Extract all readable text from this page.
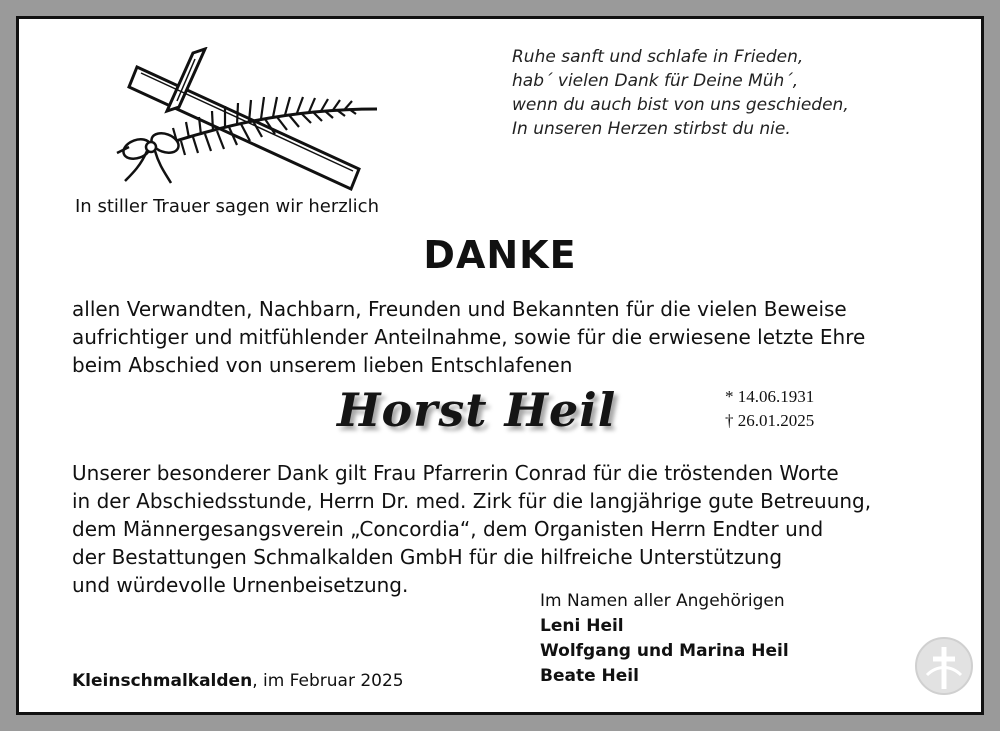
Ruhe sanft und schlafe in Frieden,
hab´ vielen Dank für Deine Müh´,
wenn du auch bist von uns geschieden,
In unseren Herzen stirbst du nie.
In stiller Trauer sagen wir herzlich
DANKE
allen Verwandten, Nachbarn, Freunden und Bekannten für die vielen Beweise
aufrichtiger und mitfühlender Anteilnahme, sowie für die erwiesene letzte Ehre
beim Abschied von unserem lieben Entschlafenen
Horst Heil	* 14.06.1931
† 26.01.2025
Unserer besonderer Dank gilt Frau Pfarrerin Conrad für die tröstenden Worte
in der Abschiedsstunde, Herrn Dr. med. Zirk für die langjährige gute Betreuung,
dem Männergesangsverein „Concordia“, dem Organisten Herrn Endter und
der Bestattungen Schmalkalden GmbH für die hilfreiche Unterstützung
und würdevolle Urnenbeisetzung.
Im Namen aller Angehörigen
Leni Heil
Wolfgang und Marina Heil
Beate Heil
Kleinschmalkalden, im Februar 2025
